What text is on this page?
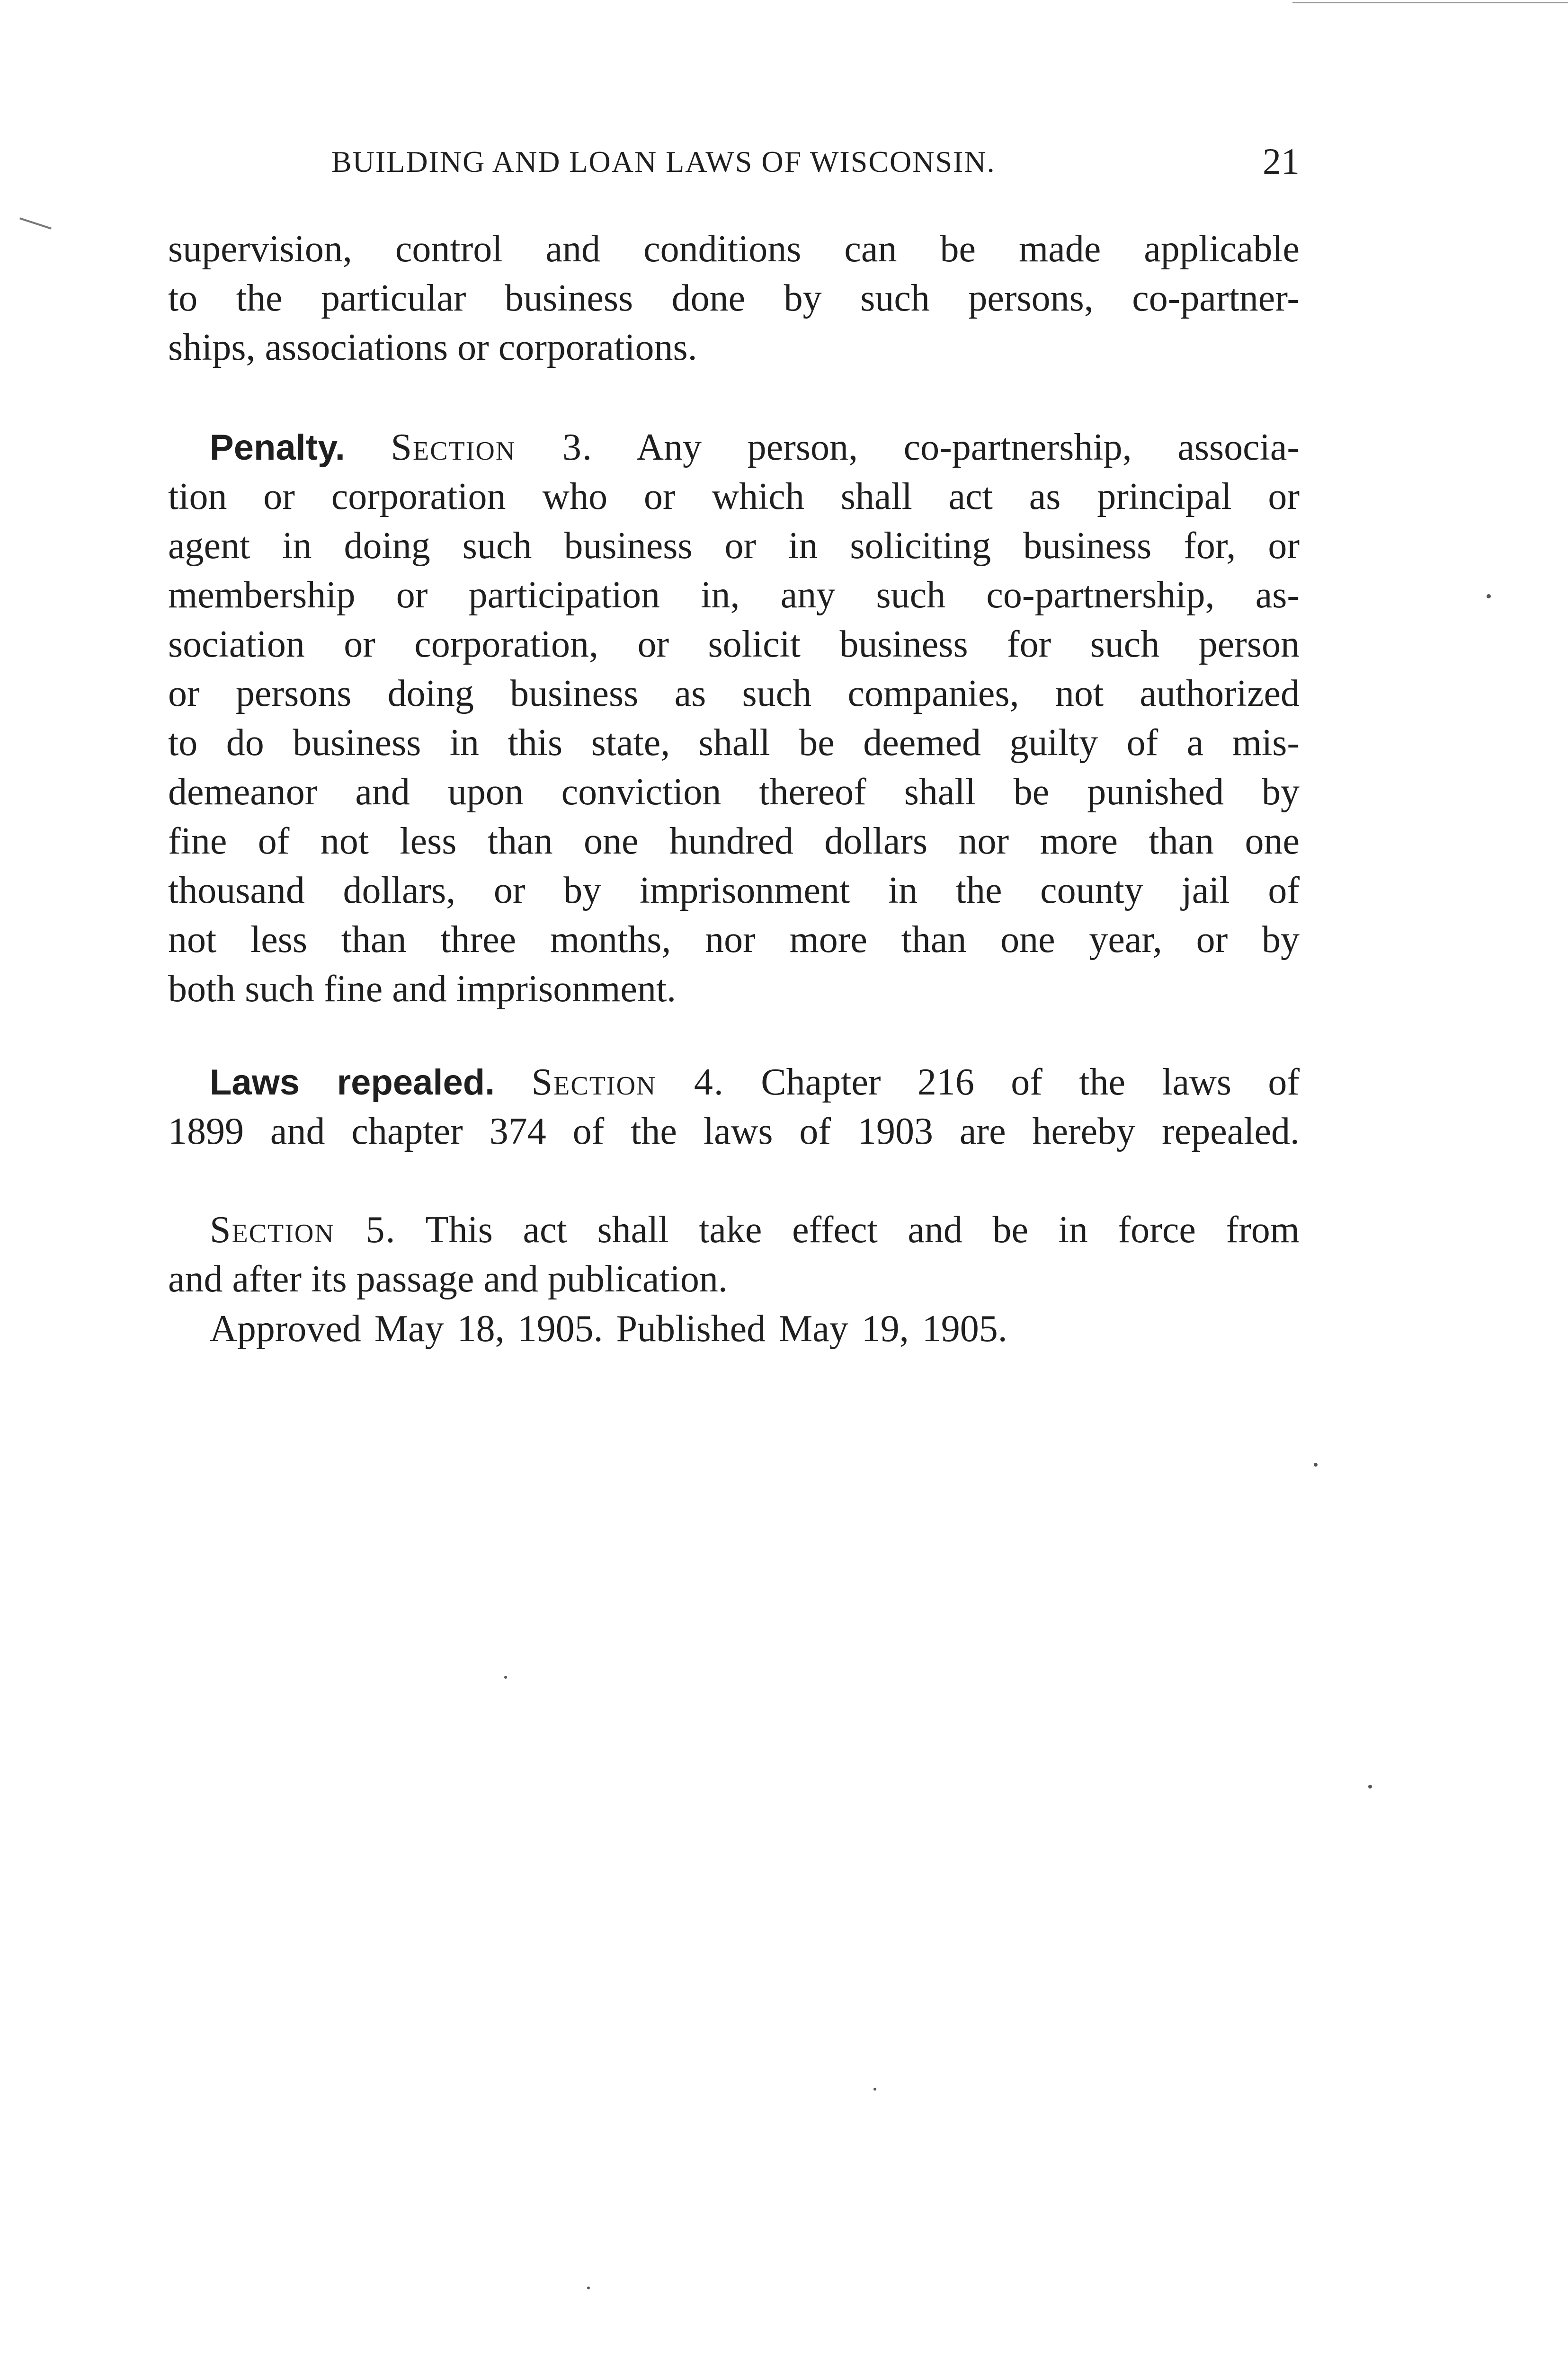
BUILDING AND LOAN LAWS OF WISCONSIN.	21
supervision, control and conditions can be made applicable
to the particular business done by such persons, co-partner-
ships, associations or corporations.
Penalty. Section 3. Any person, co-partnership, associa-
tion or corporation who or which shall act as principal or
agent in doing such business or in soliciting business for, or
membership or participation in, any such co-partnership, as-
sociation or corporation, or solicit business for such person
or persons doing business as such companies, not authorized
to do business in this state, shall be deemed guilty of a mis-
demeanor and upon conviction thereof shall be punished by
fine of not less than one hundred dollars nor more than one
thousand dollars, or by imprisonment in the county jail of
not less than three months, nor more than one year, or by
both such fine and imprisonment.
Laws repealed. Section 4. Chapter 216 of the laws of
1899 and chapter 374 of the laws of 1903 are hereby repealed.
Section 5. This act shall take effect and be in force from
and after its passage and publication.
Approved May 18, 1905. Published May 19, 1905.
